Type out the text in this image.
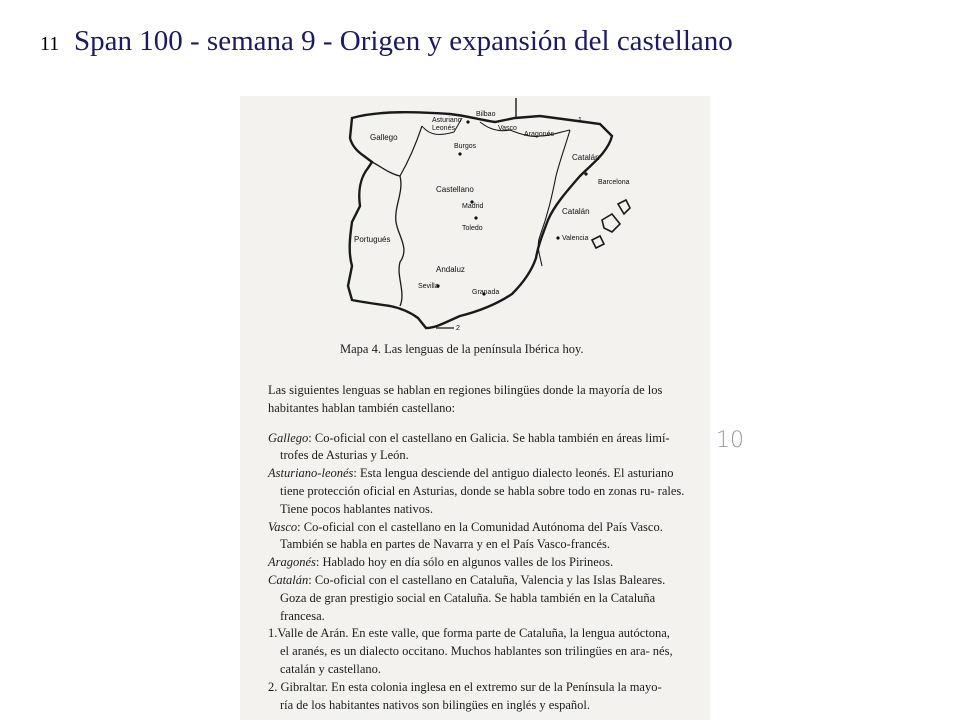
11 Span 100 - semana 9 - Origen y expansión del castellano
Gallego
Asturiano
Leonés
Bilbao
Vasco
Aragonés
Burgos
Catalán
Barcelona
Castellano
Madrid
Toledo
Catalán
Valencia
Portugués
Andaluz
Sevilla
Granada
1
2
Mapa 4. Las lenguas de la península Ibérica hoy.

Las siguientes lenguas se hablan en regiones bilingües donde la mayoría de los habitantes hablan también castellano:

Gallego: Co-oficial con el castellano en Galicia. Se habla también en áreas limí-
trofes de Asturias y León.

Asturiano-leonés: Esta lengua desciende del antiguo dialecto leonés. El asturiano
tiene protección oficial en Asturias, donde se habla sobre todo en zonas ru- rales. Tiene pocos hablantes nativos.

Vasco: Co-oficial con el castellano en la Comunidad Autónoma del País Vasco.
También se habla en partes de Navarra y en el País Vasco-francés.

Aragonés: Hablado hoy en día sólo en algunos valles de los Pirineos.

Catalán: Co-oficial con el castellano en Cataluña, Valencia y las Islas Baleares.
Goza de gran prestigio social en Cataluña. Se habla también en la Cataluña francesa.

1.Valle de Arán. En este valle, que forma parte de Cataluña, la lengua autóctona,
el aranés, es un dialecto occitano. Muchos hablantes son trilingües en ara- nés, catalán y castellano.

2. Gibraltar. En esta colonia inglesa en el extremo sur de la Península la mayo-
ría de los habitantes nativos son bilingües en inglés y español.

10
